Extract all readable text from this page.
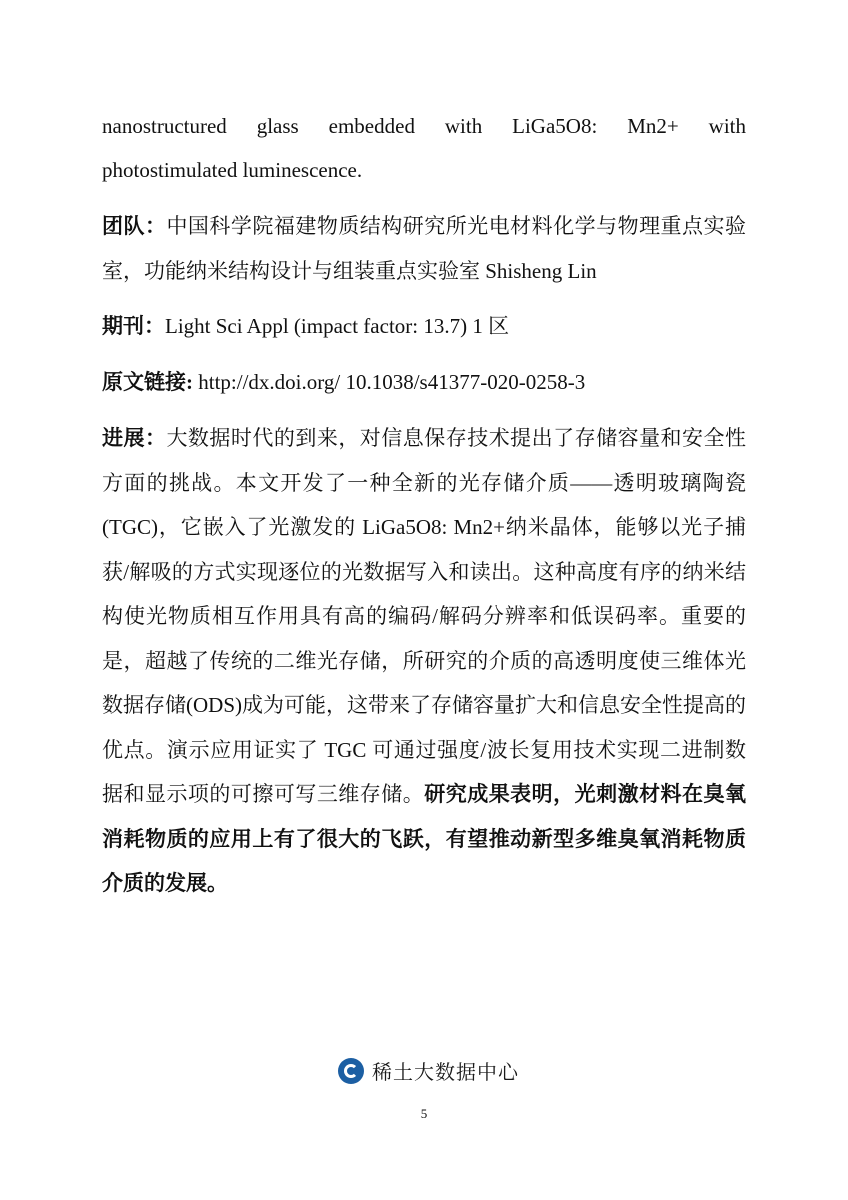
nanostructured glass embedded with LiGa5O8: Mn2+ with

photostimulated luminescence.

团队：中国科学院福建物质结构研究所光电材料化学与物理重点实验室，功能纳米结构设计与组装重点实验室 Shisheng Lin

期刊：Light Sci Appl (impact factor: 13.7) 1 区

原文链接: http://dx.doi.org/ 10.1038/s41377-020-0258-3

进展：大数据时代的到来，对信息保存技术提出了存储容量和安全性方面的挑战。本文开发了一种全新的光存储介质——透明玻璃陶瓷(TGC)，它嵌入了光激发的 LiGa5O8: Mn2+纳米晶体，能够以光子捕获/解吸的方式实现逐位的光数据写入和读出。这种高度有序的纳米结构使光物质相互作用具有高的编码/解码分辨率和低误码率。重要的是，超越了传统的二维光存储，所研究的介质的高透明度使三维体光数据存储(ODS)成为可能，这带来了存储容量扩大和信息安全性提高的优点。演示应用证实了 TGC 可通过强度/波长复用技术实现二进制数据和显示项的可擦可写三维存储。研究成果表明，光刺激材料在臭氧消耗物质的应用上有了很大的飞跃，有望推动新型多维臭氧消耗物质介质的发展。

稀土大数据中心
5
